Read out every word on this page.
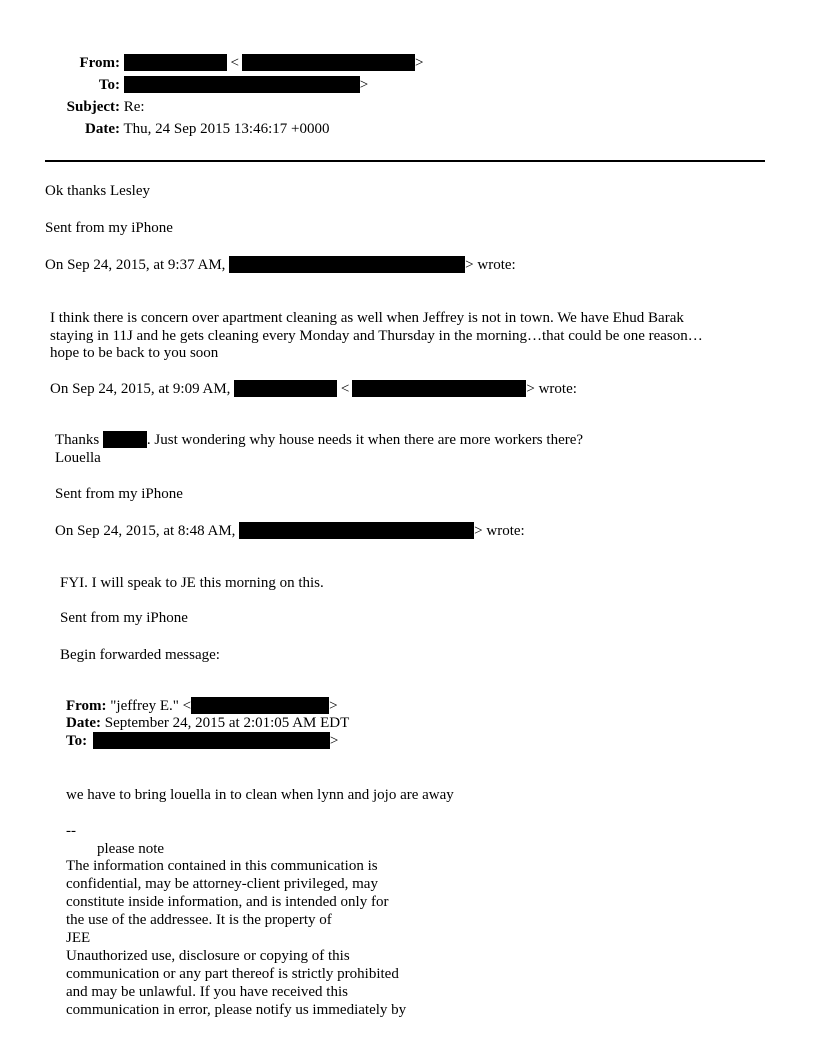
From:	<	>
To:	>
Subject: Re:
Date: Thu, 24 Sep 2015 13:46:17 +0000
Ok thanks Lesley
Sent from my iPhone
On Sep 24, 2015, at 9:37 AM,	> wrote:
I think there is concern over apartment cleaning as well when Jeffrey is not in town. We have Ehud Barak
staying in 11J and he gets cleaning every Monday and Thursday in the morning…that could be one reason…
hope to be back to you soon
On Sep 24, 2015, at 9:09 AM,	<	> wrote:
Thanks	. Just wondering why house needs it when there are more workers there?
Louella
Sent from my iPhone
On Sep 24, 2015, at 8:48 AM,	> wrote:
FYI. I will speak to JE this morning on this.
Sent from my iPhone
Begin forwarded message:
From: "jeffrey E." <	>
Date: September 24, 2015 at 2:01:05 AM EDT
To:	>
we have to bring louella in to clean when lynn and jojo are away
--
please note
The information contained in this communication is
confidential, may be attorney-client privileged, may
constitute inside information, and is intended only for
the use of the addressee. It is the property of
JEE
Unauthorized use, disclosure or copying of this
communication or any part thereof is strictly prohibited
and may be unlawful. If you have received this
communication in error, please notify us immediately by
